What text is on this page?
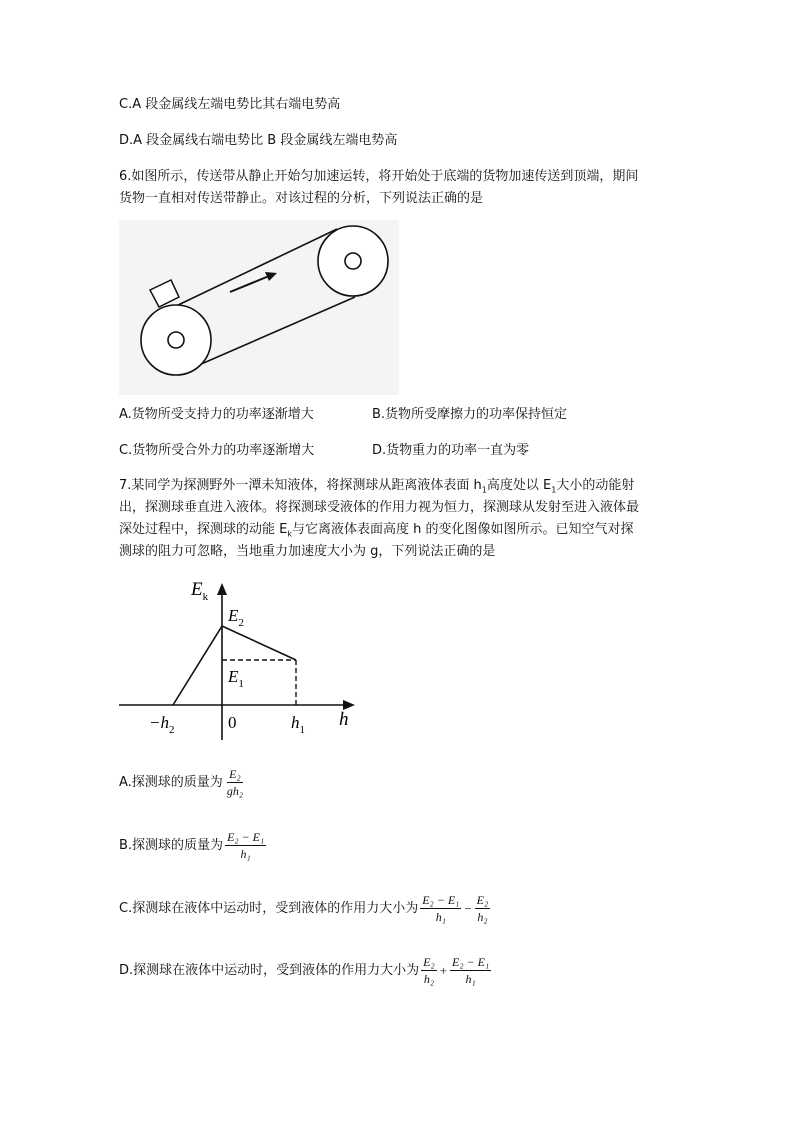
C.A 段金属线左端电势比其右端电势高
D.A 段金属线右端电势比 B 段金属线左端电势高
6.如图所示，传送带从静止开始匀加速运转，将开始处于底端的货物加速传送到顶端，期间
货物一直相对传送带静止。对该过程的分析，下列说法正确的是
A.货物所受支持力的功率逐渐增大	B.货物所受摩擦力的功率保持恒定
C.货物所受合外力的功率逐渐增大	D.货物重力的功率一直为零
7.某同学为探测野外一潭未知液体，将探测球从距离液体表面 $h_1$高度处以 $E_1$大小的动能射
出，探测球垂直进入液体。将探测球受液体的作用力视为恒力，探测球从发射至进入液体最
深处过程中，探测球的动能 $E_k$与它离液体表面高度 h 的变化图像如图所示。已知空气对探
测球的阻力可忽略，当地重力加速度大小为 g，下列说法正确的是
$E_k$
$E_2$
$E_1$
0
$-h_2$	$h_1$ h
A.探测球的质量为 $\frac{\text{E₂}}{\text{gh₂}}$
B.探测球的质量为 $\frac{\text{E₂ − E₁}}{\text{h₁}}$
C.探测球在液体中运动时，受到液体的作用力大小为 $\frac{\text{E₂ − E₁}}{\text{h₁}} - \frac{\text{E₂}}{\text{h₂}}$
D.探测球在液体中运动时，受到液体的作用力大小为 $\frac{\text{E₂}}{\text{h₂}} + \frac{\text{E₂ − E₁}}{\text{h₁}}$
